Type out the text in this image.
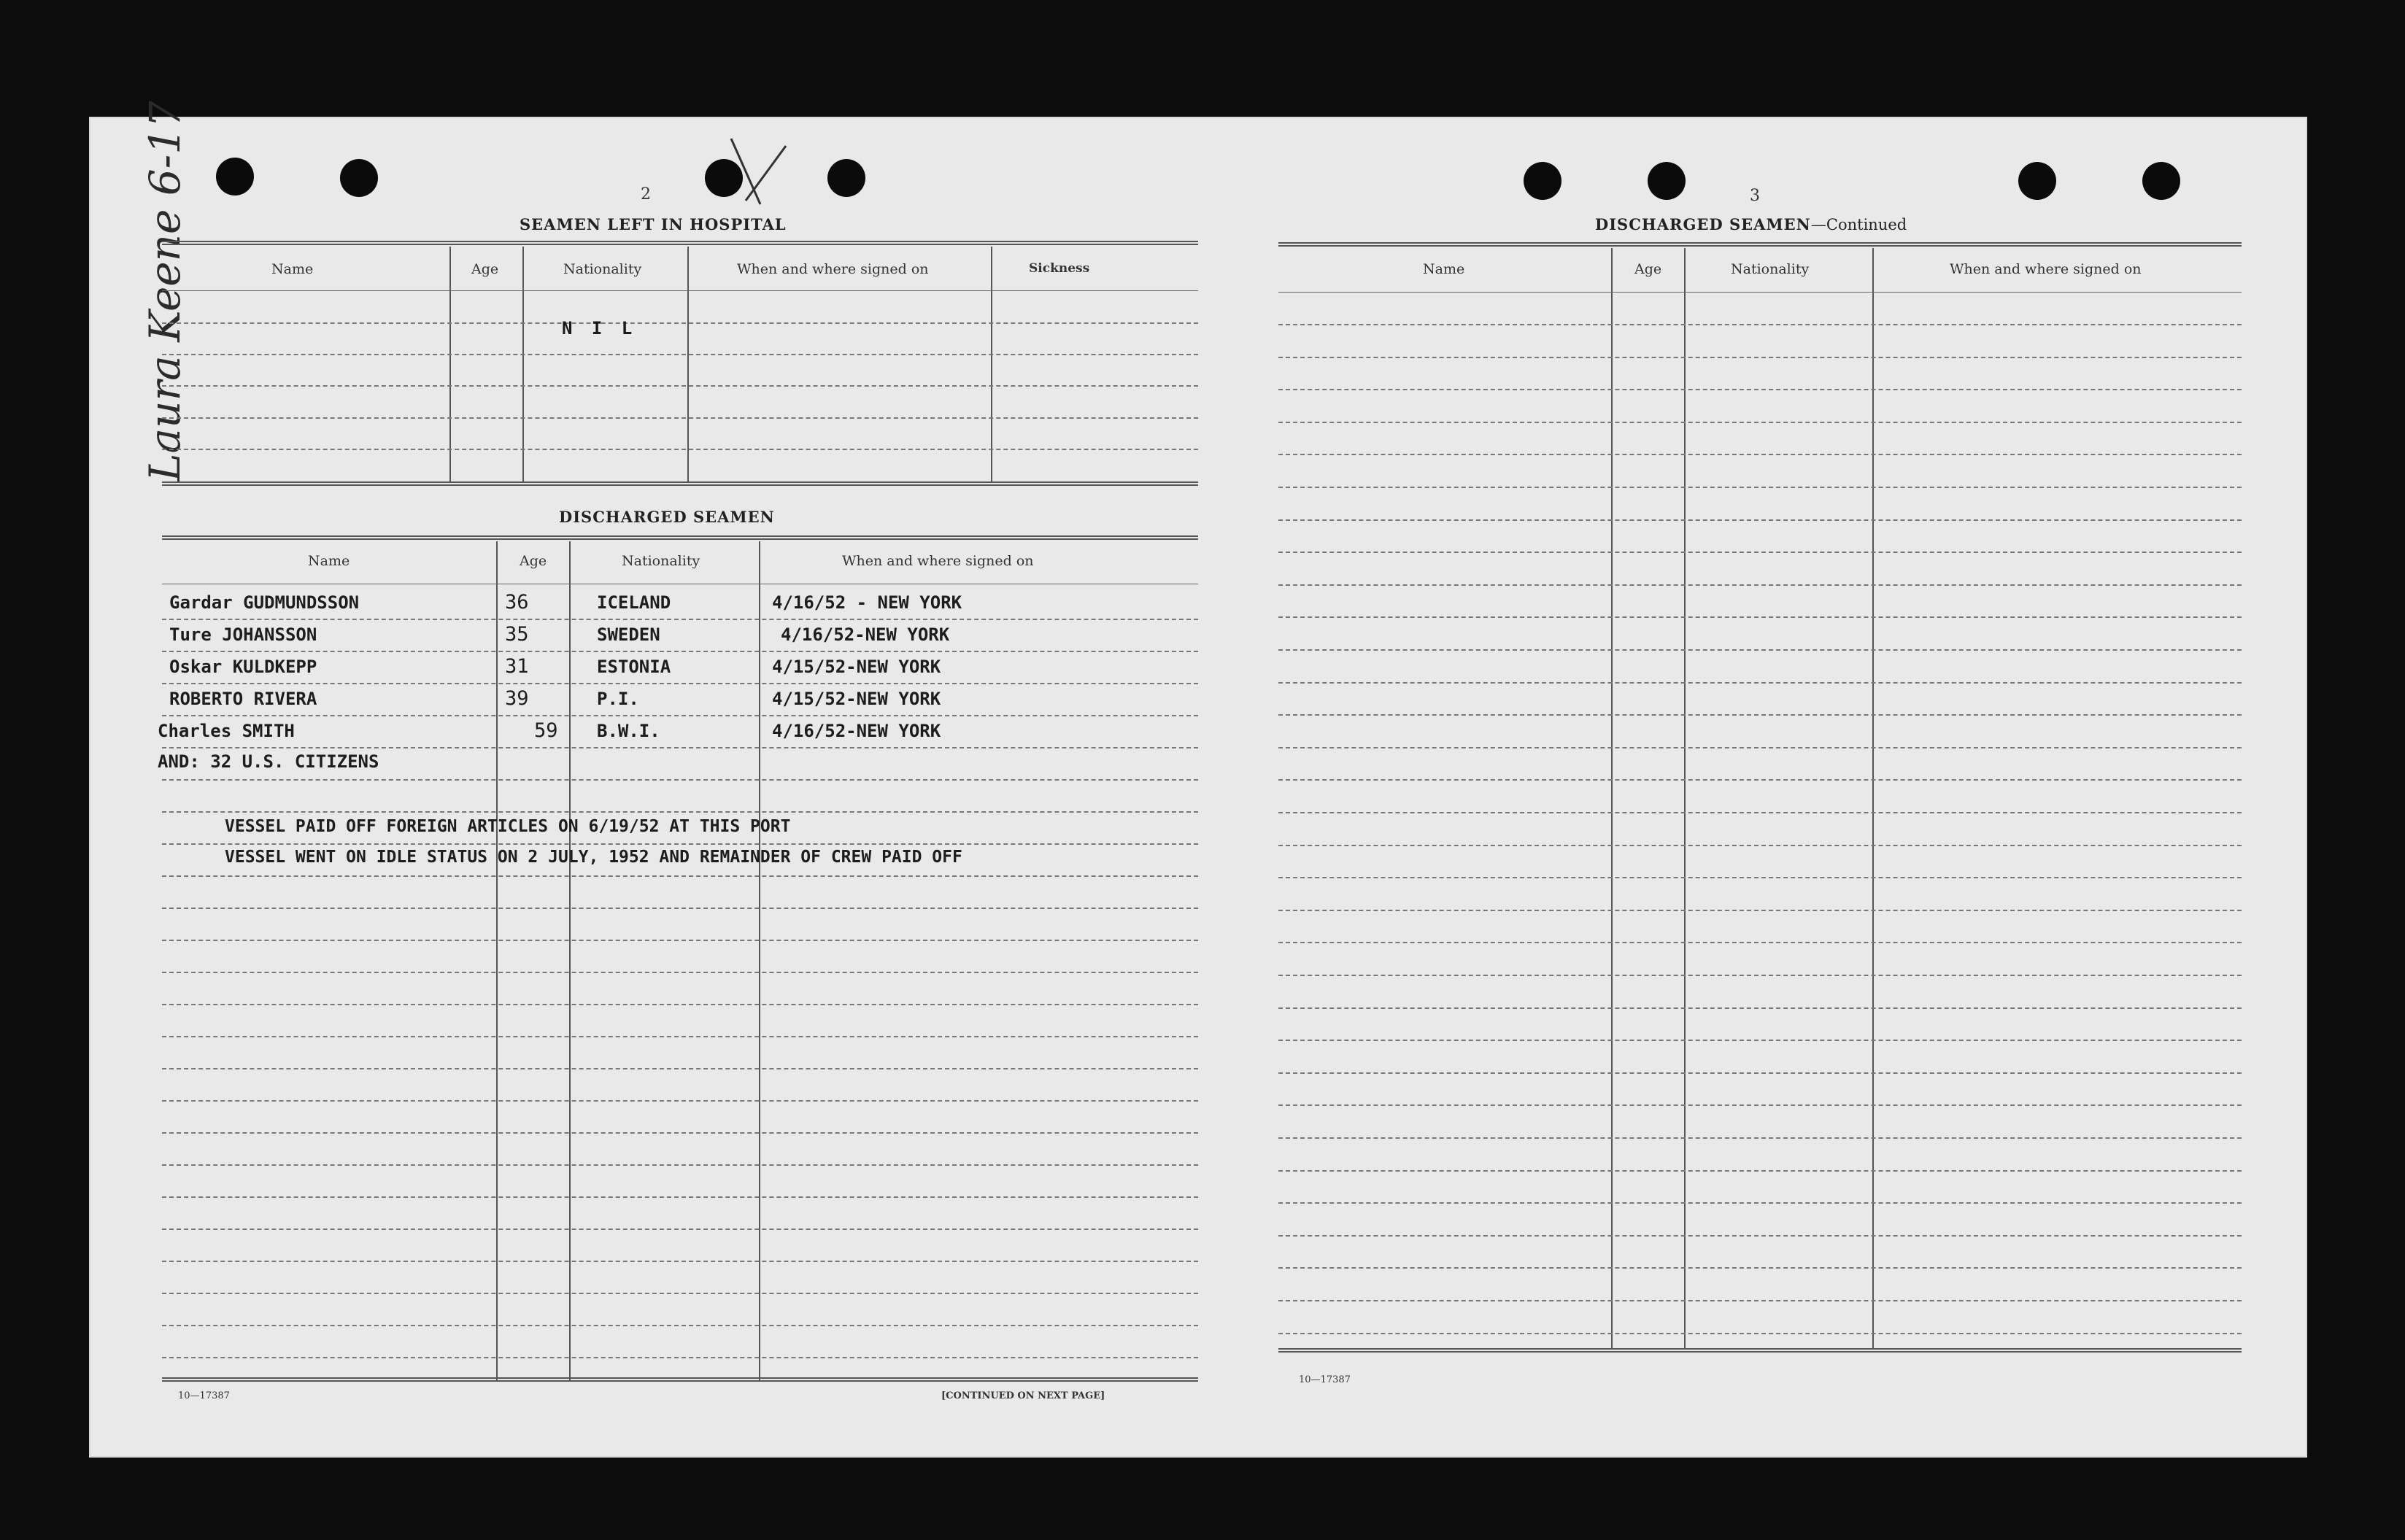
Laura Keene 6-17	2
SEAMEN LEFT IN HOSPITAL
Name	Age	Nationality	When and where signed on	Sickness
N I L
DISCHARGED SEAMEN
Name	Age	Nationality	When and where signed on
Gardar GUDMUNDSSON	36	ICELAND	4/16/52 - NEW YORK
Ture JOHANSSON	35	SWEDEN	4/16/52-NEW YORK
Oskar KULDKEPP	31	ESTONIA	4/15/52-NEW YORK
ROBERTO RIVERA	39	P.I.	4/15/52-NEW YORK
Charles SMITH	59 B.W.I.	4/16/52-NEW YORK
AND: 32 U.S. CITIZENS
VESSEL PAID OFF FOREIGN ARTICLES ON 6/19/52 AT THIS PORT
VESSEL WENT ON IDLE STATUS ON 2 JULY, 1952 AND REMAINDER OF CREW PAID OFF
10—17387	[CONTINUED ON NEXT PAGE]
3
DISCHARGED SEAMEN—Continued
Name	Age	Nationality	When and where signed on
10—17387
